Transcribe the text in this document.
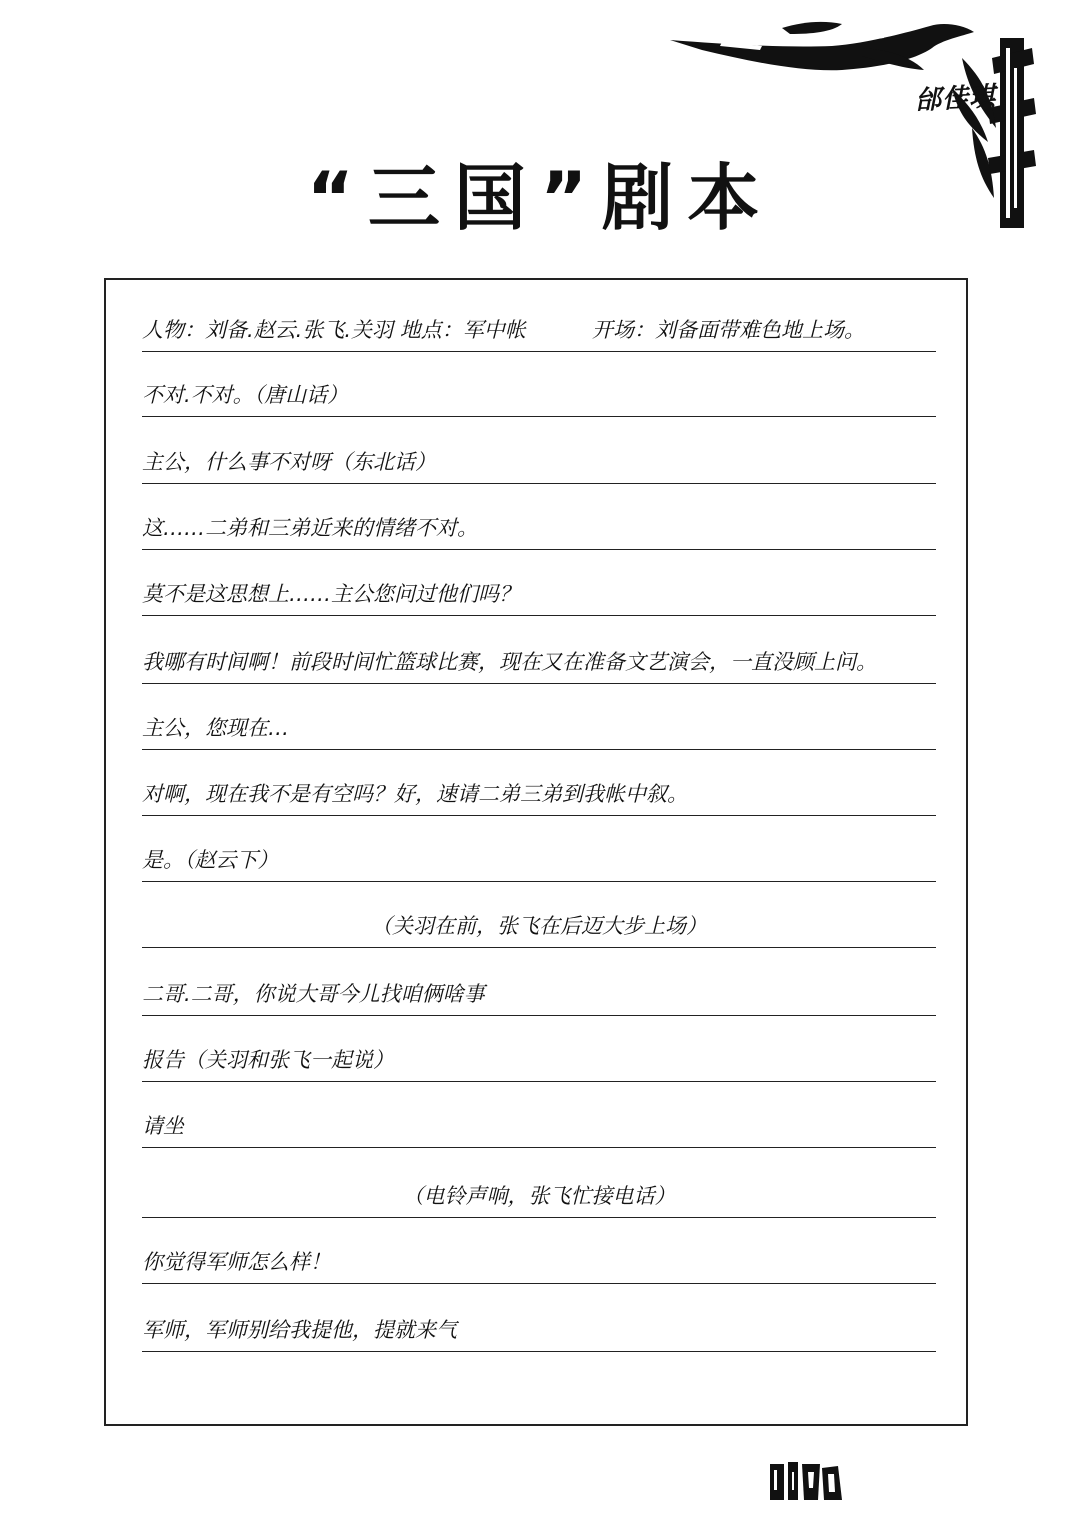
邰佳琪
“三国”剧本
人物：刘备.赵云.张飞.关羽 地点：军中帐	开场：刘备面带难色地上场。
不对.不对。（唐山话）
主公，什么事不对呀（东北话）
这……二弟和三弟近来的情绪不对。
莫不是这思想上……主公您问过他们吗？
我哪有时间啊！前段时间忙篮球比赛，现在又在准备文艺演会，一直没顾上问。
主公，您现在…
对啊，现在我不是有空吗？好，速请二弟三弟到我帐中叙。
是。（赵云下）
（关羽在前，张飞在后迈大步上场）
二哥.二哥，你说大哥今儿找咱俩啥事
报告（关羽和张飞一起说）
请坐
（电铃声响，张飞忙接电话）
你觉得军师怎么样！
军师，军师别给我提他，提就来气
